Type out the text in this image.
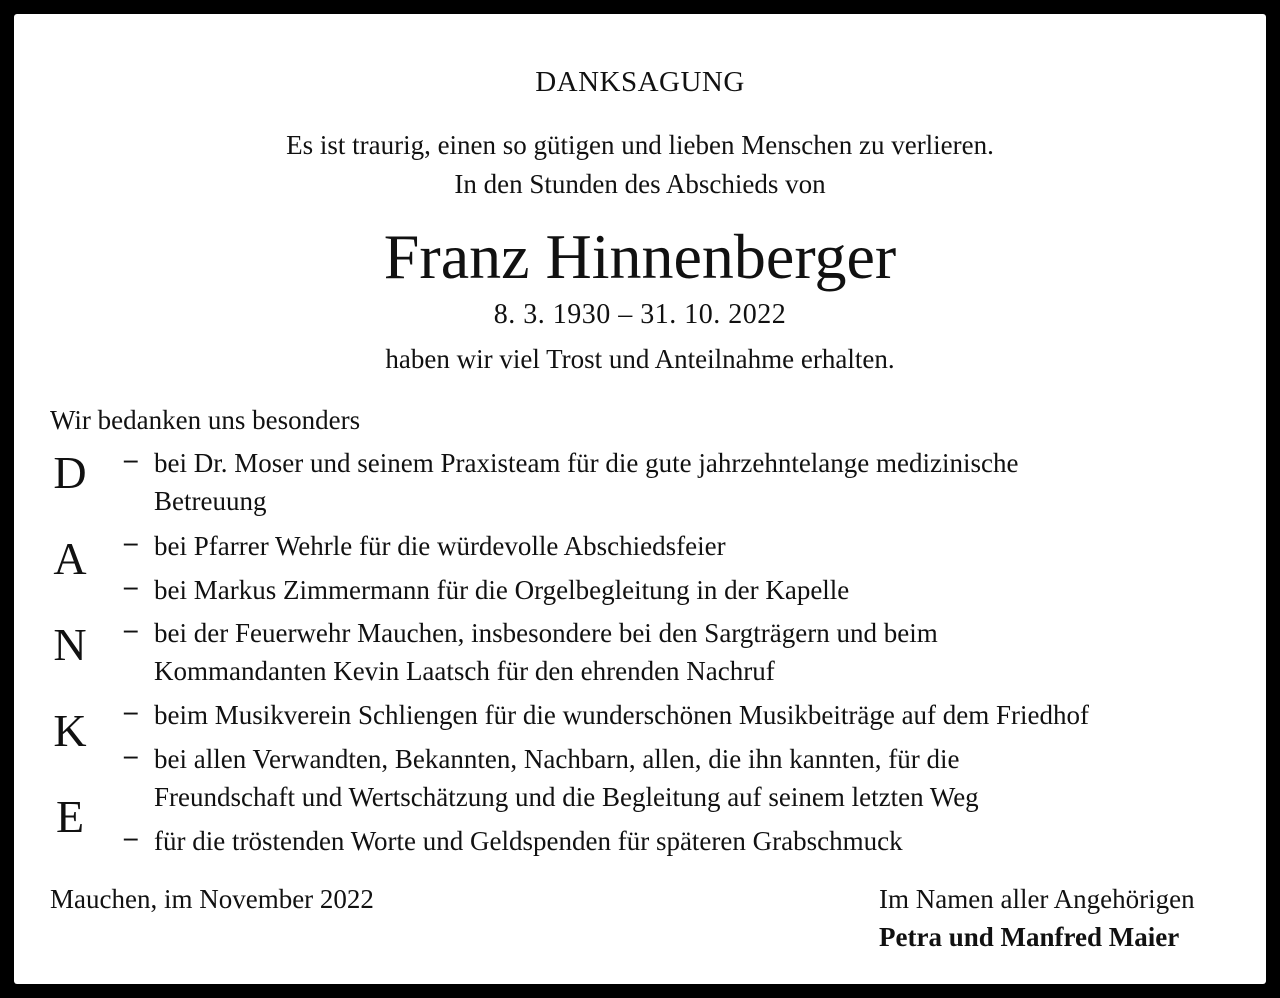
DANKSAGUNG
Es ist traurig, einen so gütigen und lieben Menschen zu verlieren.
In den Stunden des Abschieds von
Franz Hinnenberger
8. 3. 1930 – 31. 10. 2022
haben wir viel Trost und Anteilnahme erhalten.
Wir bedanken uns besonders
D
A
N
K
E
– bei Dr. Moser und seinem Praxisteam für die gute jahrzehntelange medizinische
Betreuung
– bei Pfarrer Wehrle für die würdevolle Abschiedsfeier
– bei Markus Zimmermann für die Orgelbegleitung in der Kapelle
– bei der Feuerwehr Mauchen, insbesondere bei den Sargträgern und beim
Kommandanten Kevin Laatsch für den ehrenden Nachruf
– beim Musikverein Schliengen für die wunderschönen Musikbeiträge auf dem Friedhof
– bei allen Verwandten, Bekannten, Nachbarn, allen, die ihn kannten, für die
Freundschaft und Wertschätzung und die Begleitung auf seinem letzten Weg
– für die tröstenden Worte und Geldspenden für späteren Grabschmuck
Mauchen, im November 2022	Im Namen aller Angehörigen
Petra und Manfred Maier
